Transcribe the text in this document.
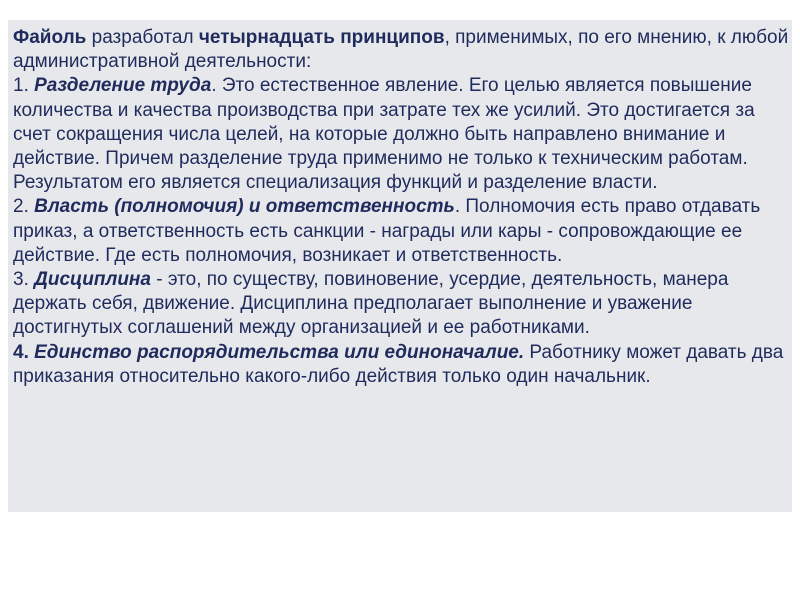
Файоль разработал четырнадцать принципов, применимых, по его мнению, к любой административной деятельности:

1. Разделение труда. Это естественное явление. Его целью является повышение количества и качества производства при затрате тех же усилий. Это достигается за счет сокращения числа целей, на которые должно быть направлено внимание и действие. Причем разделение труда применимо не только к техническим работам. Результатом его является специализация функций и разделение власти.

2. Власть (полномочия) и ответственность. Полномочия есть право отдавать приказ, а ответственность есть санкции - награды или кары - сопровождающие ее действие. Где есть полномочия, возникает и ответственность.

3. Дисциплина - это, по существу, повиновение, усердие, деятельность, манера держать себя, движение. Дисциплина предполагает выполнение и уважение достигнутых соглашений между организацией и ее работниками.

4. Единство распорядительства или единоначалие. Работнику может давать два приказания относительно какого-либо действия только один начальник.
